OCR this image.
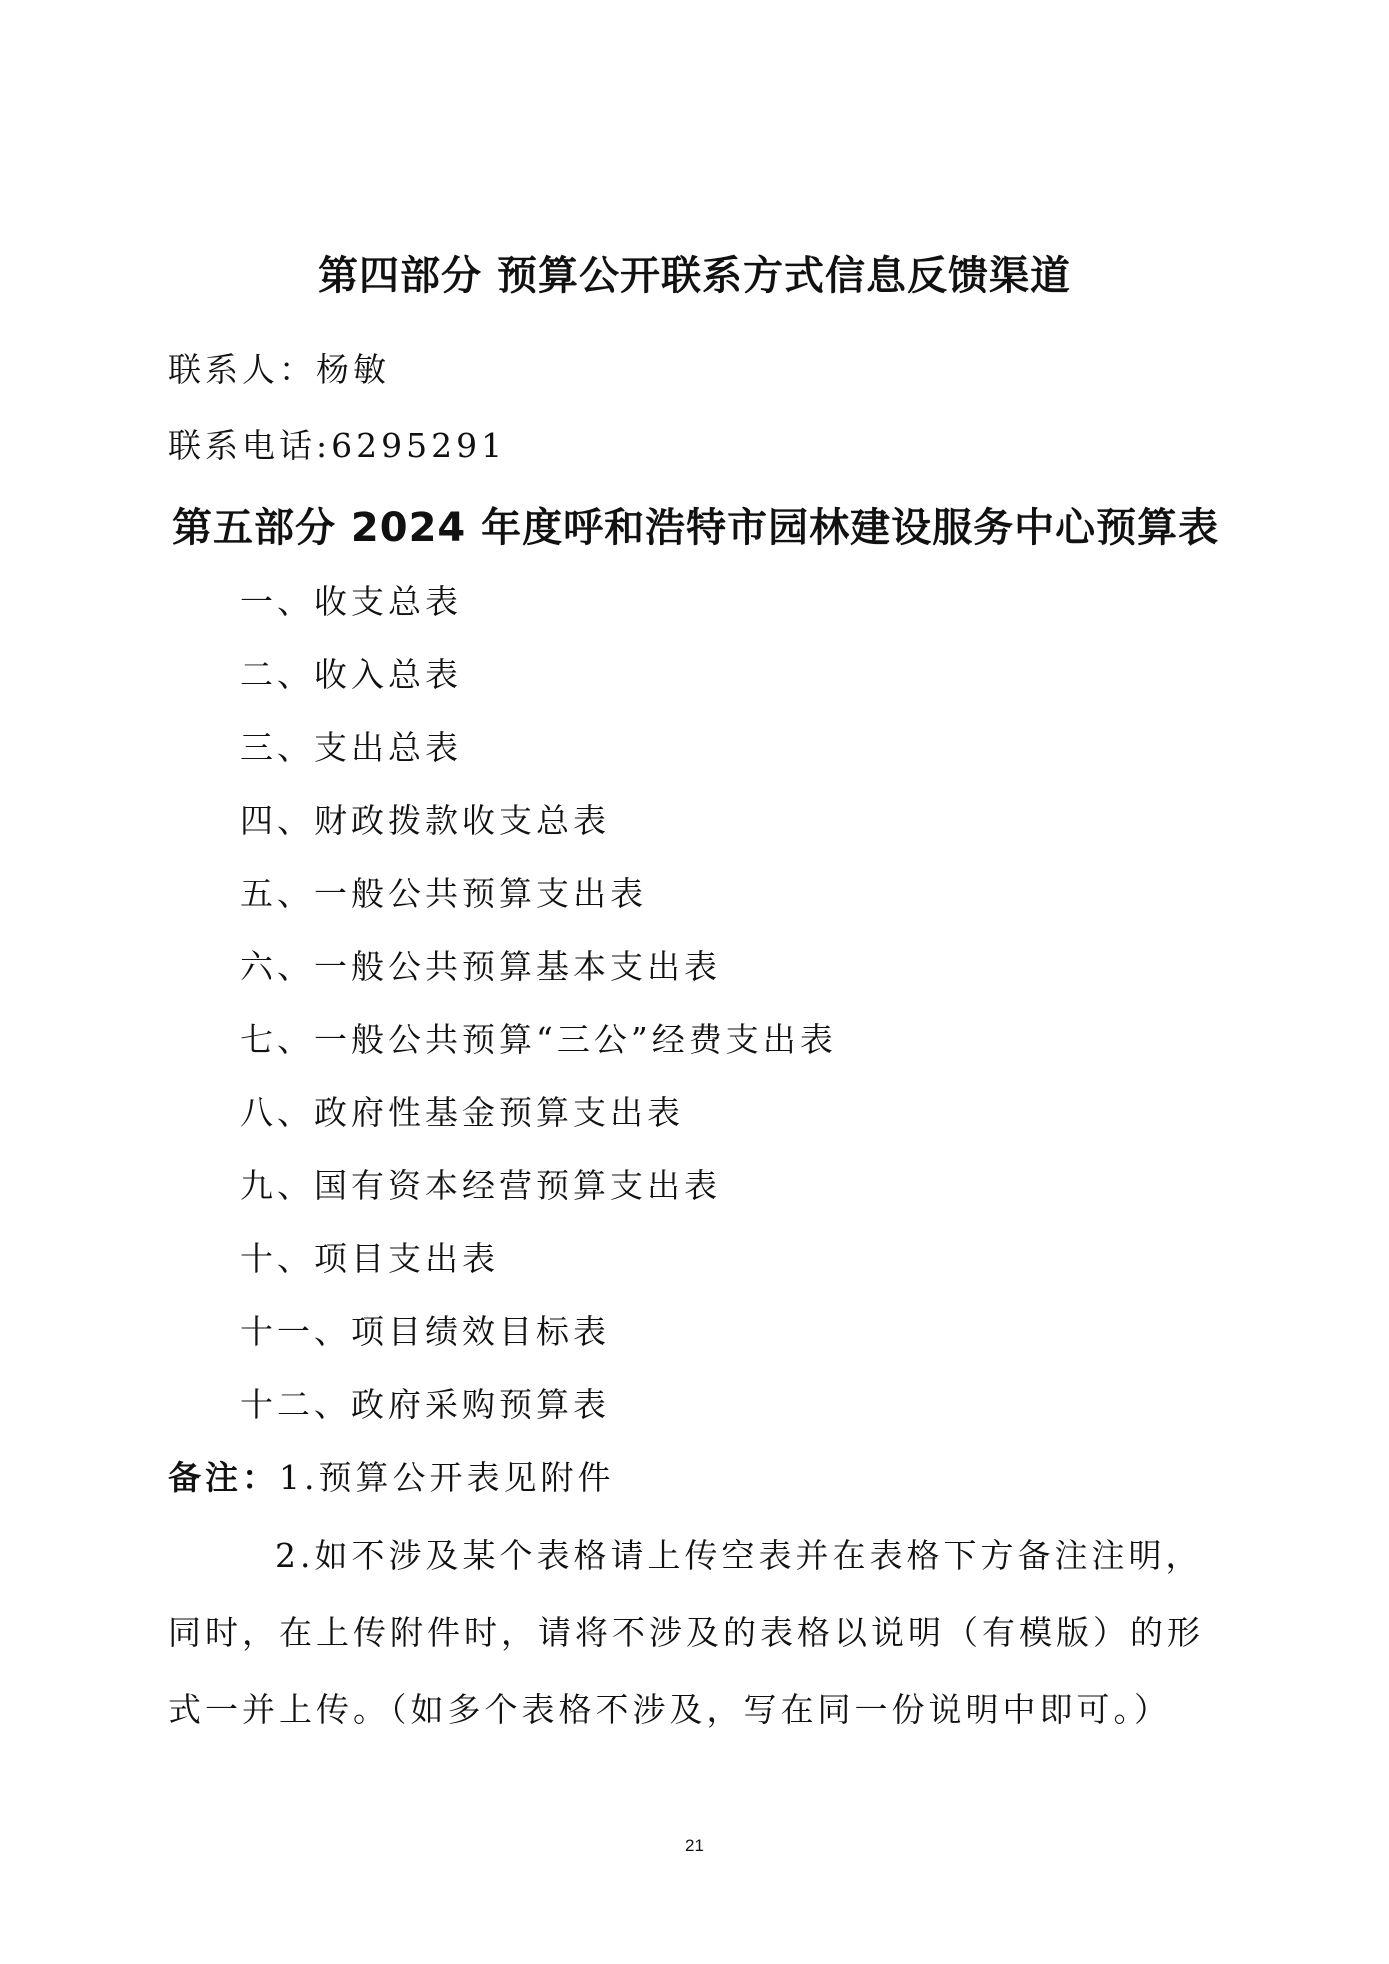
第四部分 预算公开联系方式信息反馈渠道
联系人：杨敏
联系电话:6295291
第五部分 2024 年度呼和浩特市园林建设服务中心预算表
一、收支总表
二、收入总表
三、支出总表
四、财政拨款收支总表
五、一般公共预算支出表
六、一般公共预算基本支出表
七、一般公共预算“三公”经费支出表
八、政府性基金预算支出表
九、国有资本经营预算支出表
十、项目支出表
十一、项目绩效目标表
十二、政府采购预算表
备注：1.预算公开表见附件
2.如不涉及某个表格请上传空表并在表格下方备注注明，
同时，在上传附件时，请将不涉及的表格以说明（有模版）的形
式一并上传。（如多个表格不涉及，写在同一份说明中即可。）
21
